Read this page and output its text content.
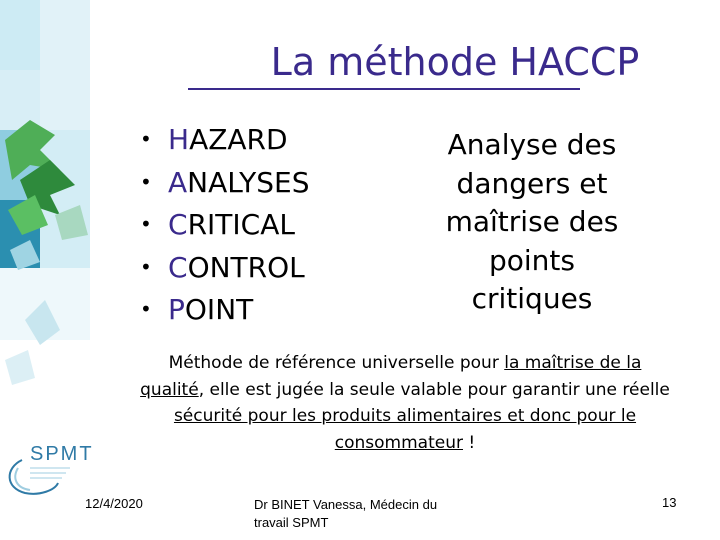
La méthode HACCP
• HAZARD
• ANALYSES
• CRITICAL
• CONTROL
• POINT
Analyse des
dangers et
maîtrise des
points
critiques
Méthode de référence universelle pour la maîtrise de la qualité, elle est jugée la seule valable pour garantir une réelle sécurité pour les produits alimentaires et donc pour le consommateur !
SPMT
12/4/2020	Dr BINET Vanessa, Médecin du travail SPMT
13
